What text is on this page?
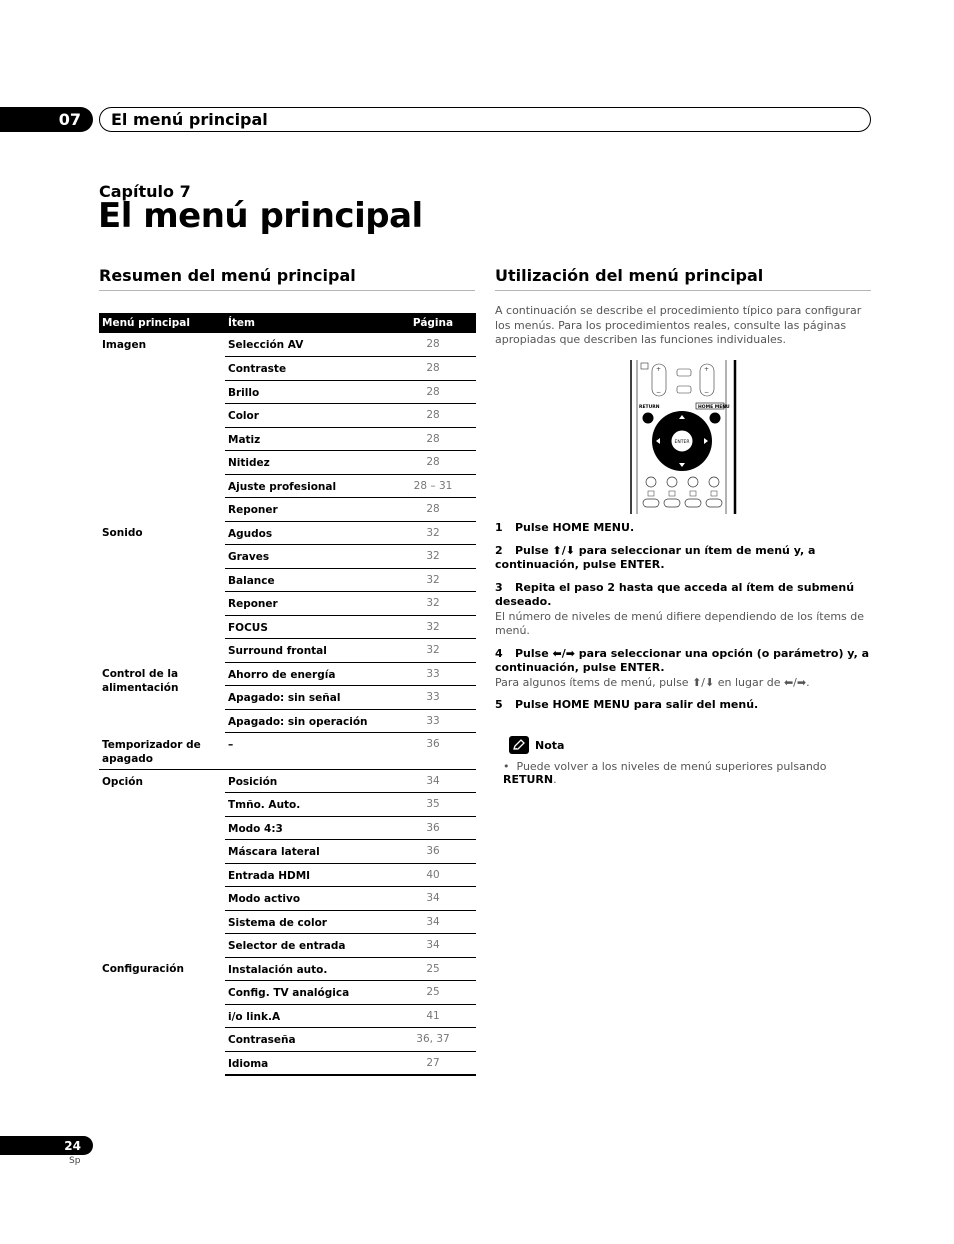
07	El menú principal
Capítulo 7
El menú principal
Resumen del menú principal	Utilización del menú principal
Menú principal	Ítem	Página
Imagen	Selección AV	28
	Contraste	28
	Brillo	28
	Color	28
	Matiz	28
	Nitidez	28
	Ajuste profesional	28 – 31
	Reponer	28
Sonido	Agudos	32
	Graves	32
	Balance	32
	Reponer	32
	FOCUS	32
	Surround frontal	32
Control de la alimentación	Ahorro de energía	33
	Apagado: sin señal	33
	Apagado: sin operación	33
Temporizador de apagado	–	36
Opción	Posición	34
	Tmño. Auto.	35
	Modo 4:3	36
	Máscara lateral	36
	Entrada HDMI	40
	Modo activo	34
	Sistema de color	34
	Selector de entrada	34
Configuración	Instalación auto.	25
	Config. TV analógica	25
	i/o link.A	41
	Contraseña	36, 37
	Idioma	27
A continuación se describe el procedimiento típico para configurar los menús. Para los procedimientos reales, consulte las páginas apropiadas que describen las funciones individuales.
+
−
+
−
RETURN	HOME MENU
ENTER
1 Pulse HOME MENU.
2 Pulse ⬆/⬇ para seleccionar un ítem de menú y, a continuación, pulse ENTER.
3 Repita el paso 2 hasta que acceda al ítem de submenú deseado.
El número de niveles de menú difiere dependiendo de los ítems de menú.
4 Pulse ⬅/➡ para seleccionar una opción (o parámetro) y, a continuación, pulse ENTER.
Para algunos ítems de menú, pulse ⬆/⬇ en lugar de ⬅/➡.
5 Pulse HOME MENU para salir del menú.
Nota
• Puede volver a los niveles de menú superiores pulsando RETURN.
24
Sp
